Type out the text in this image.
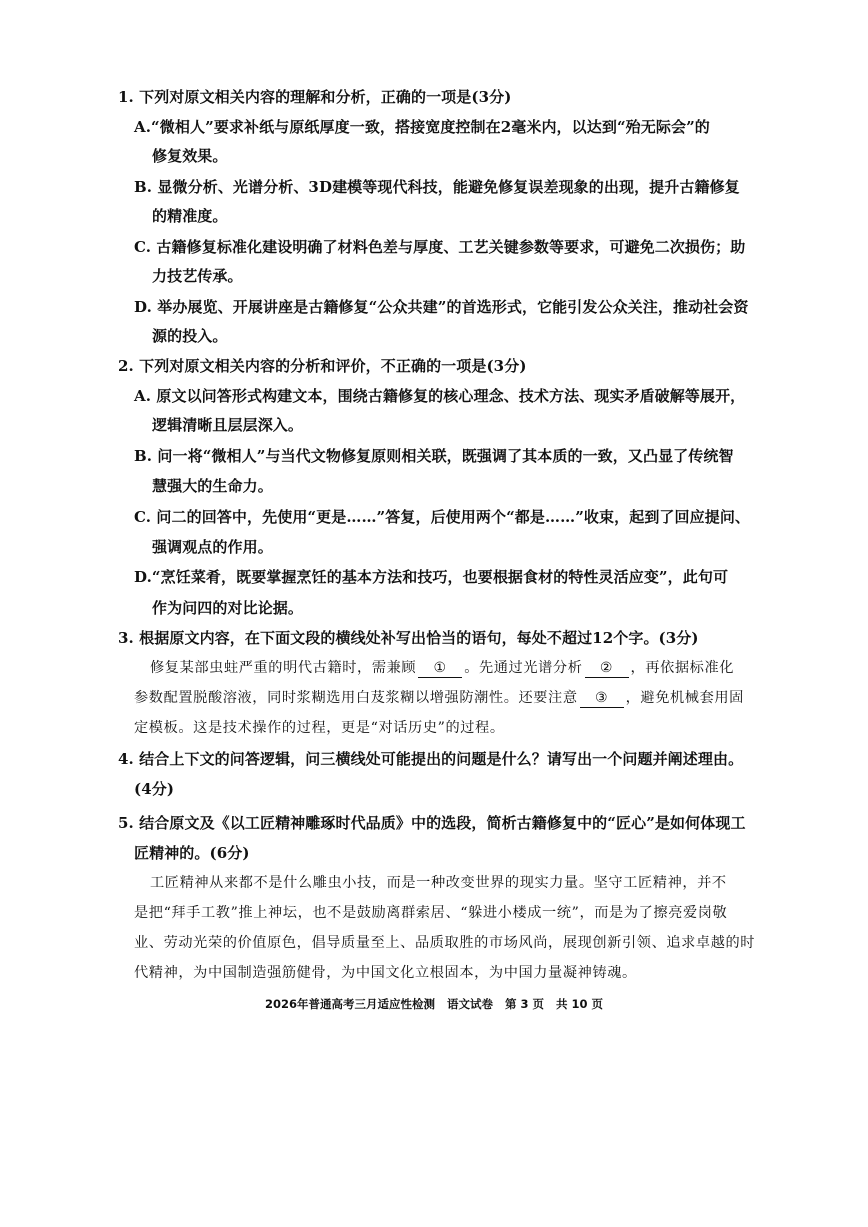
1. 下列对原文相关内容的理解和分析，正确的一项是(3分)
A.“微相人”要求补纸与原纸厚度一致，搭接宽度控制在2毫米内，以达到“殆无际会”的
修复效果。
B. 显微分析、光谱分析、3D建模等现代科技，能避免修复误差现象的出现，提升古籍修复
的精准度。
C. 古籍修复标准化建设明确了材料色差与厚度、工艺关键参数等要求，可避免二次损伤；助
力技艺传承。
D. 举办展览、开展讲座是古籍修复“公众共建”的首选形式，它能引发公众关注，推动社会资
源的投入。
2. 下列对原文相关内容的分析和评价，不正确的一项是(3分)
A. 原文以问答形式构建文本，围绕古籍修复的核心理念、技术方法、现实矛盾破解等展开，
逻辑清晰且层层深入。
B. 问一将“微相人”与当代文物修复原则相关联，既强调了其本质的一致，又凸显了传统智
慧强大的生命力。
C. 问二的回答中，先使用“更是……”答复，后使用两个“都是……”收束，起到了回应提问、
强调观点的作用。
D.“烹饪菜肴，既要掌握烹饪的基本方法和技巧，也要根据食材的特性灵活应变”，此句可
作为问四的对比论据。
3. 根据原文内容，在下面文段的横线处补写出恰当的语句，每处不超过12个字。(3分)
修复某部虫蛀严重的明代古籍时，需兼顾 ① 。先通过光谱分析 ② ，再依据标准化
参数配置脱酸溶液，同时浆糊选用白芨浆糊以增强防潮性。还要注意 ③ ，避免机械套用固
定模板。这是技术操作的过程，更是“对话历史”的过程。
4. 结合上下文的问答逻辑，问三横线处可能提出的问题是什么？请写出一个问题并阐述理由。
(4分)
5. 结合原文及《以工匠精神雕琢时代品质》中的选段，简析古籍修复中的“匠心”是如何体现工
匠精神的。(6分)
工匠精神从来都不是什么雕虫小技，而是一种改变世界的现实力量。坚守工匠精神，并不
是把“拜手工教”推上神坛，也不是鼓励离群索居、“躲进小楼成一统”，而是为了擦亮爱岗敬
业、劳动光荣的价值原色，倡导质量至上、品质取胜的市场风尚，展现创新引领、追求卓越的时
代精神，为中国制造强筋健骨，为中国文化立根固本，为中国力量凝神铸魂。
2026年普通高考三月适应性检测 语文试卷 第 3 页 共 10 页
